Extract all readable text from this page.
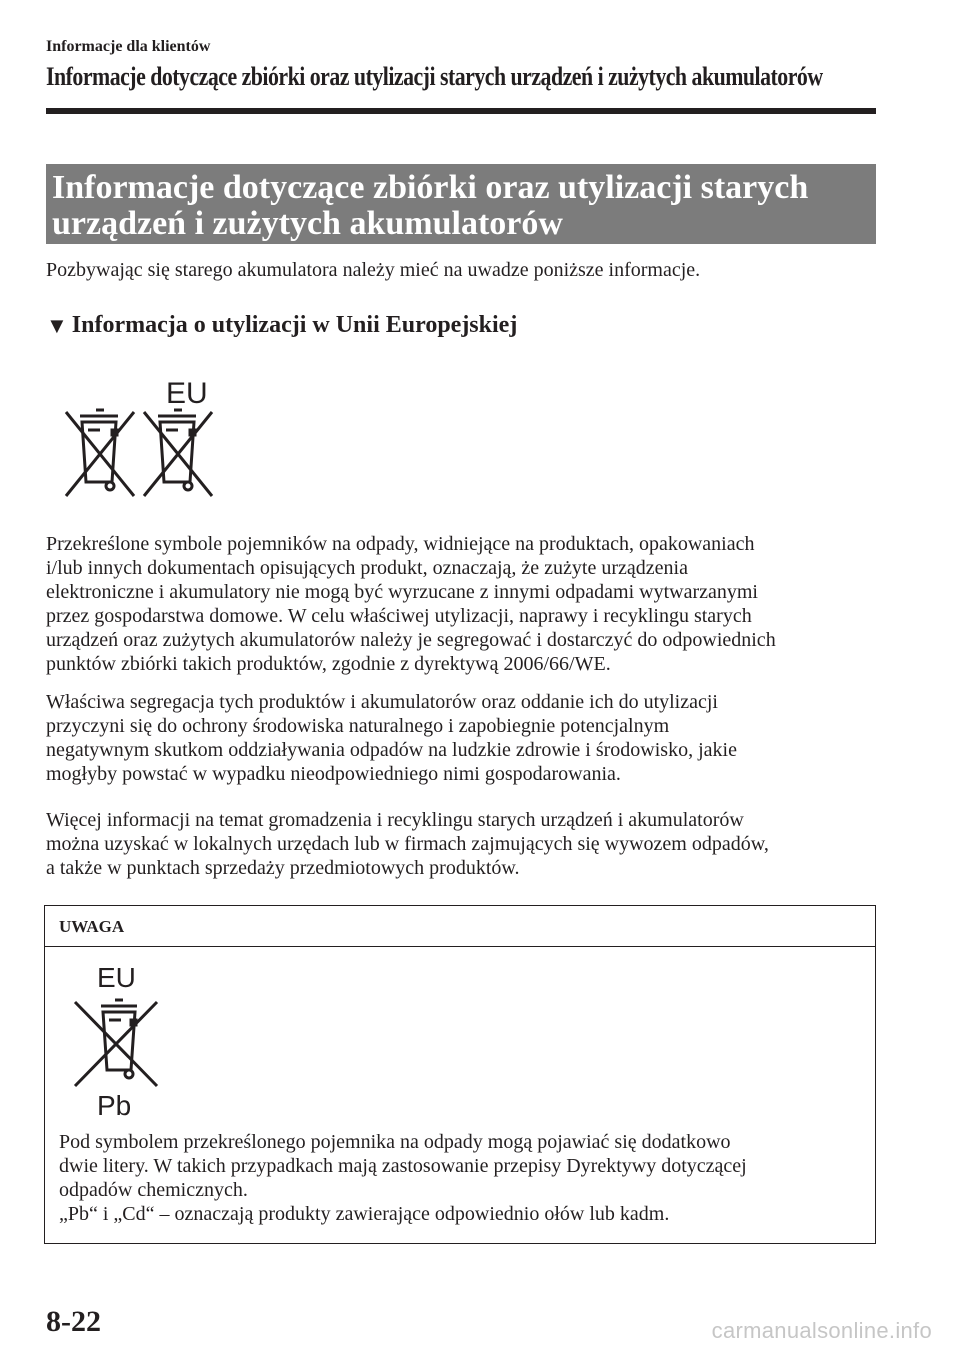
Informacje dla klientów
Informacje dotyczące zbiórki oraz utylizacji starych urządzeń i zużytych akumulatorów

Informacje dotyczące zbiórki oraz utylizacji starych

urządzeń i zużytych akumulatorów

Pozbywając się starego akumulatora należy mieć na uwadze poniższe informacje.

▼ Informacja o utylizacji w Unii Europejskiej
EU

Przekreślone symbole pojemników na odpady, widniejące na produktach, opakowaniach

i/lub innych dokumentach opisujących produkt, oznaczają, że zużyte urządzenia

elektroniczne i akumulatory nie mogą być wyrzucane z innymi odpadami wytwarzanymi

przez gospodarstwa domowe. W celu właściwej utylizacji, naprawy i recyklingu starych

urządzeń oraz zużytych akumulatorów należy je segregować i dostarczyć do odpowiednich

punktów zbiórki takich produktów, zgodnie z dyrektywą 2006/66/WE.

Właściwa segregacja tych produktów i akumulatorów oraz oddanie ich do utylizacji

przyczyni się do ochrony środowiska naturalnego i zapobiegnie potencjalnym

negatywnym skutkom oddziaływania odpadów na ludzkie zdrowie i środowisko, jakie

mogłyby powstać w wypadku nieodpowiedniego nimi gospodarowania.

Więcej informacji na temat gromadzenia i recyklingu starych urządzeń i akumulatorów

można uzyskać w lokalnych urzędach lub w firmach zajmujących się wywozem odpadów,

a także w punktach sprzedaży przedmiotowych produktów.

UWAGA
EU
Pb

Pod symbolem przekreślonego pojemnika na odpady mogą pojawiać się dodatkowo

dwie litery. W takich przypadkach mają zastosowanie przepisy Dyrektywy dotyczącej

odpadów chemicznych.

„Pb“ i „Cd“ – oznaczają produkty zawierające odpowiednio ołów lub kadm.

8-22	carmanualsonline.info
